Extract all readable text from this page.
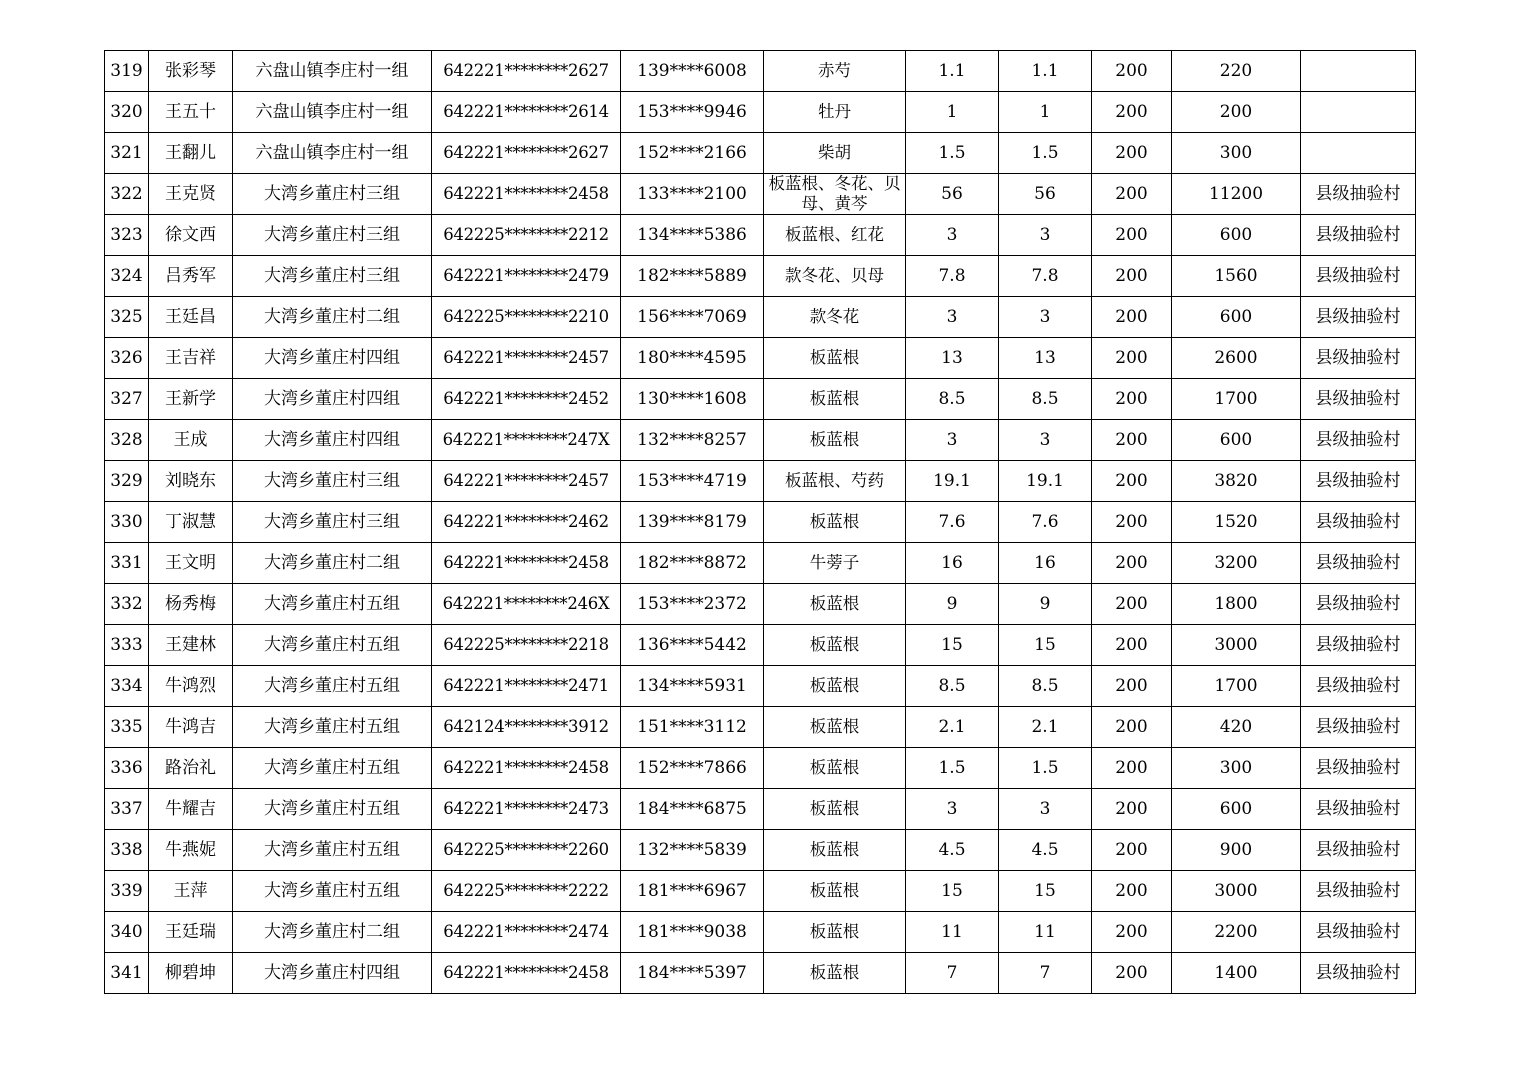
319	张彩琴	六盘山镇李庄村一组	642221********2627	139****6008	赤芍	1.1	1.1	200	220	
320	王五十	六盘山镇李庄村一组	642221********2614	153****9946	牡丹	1	1	200	200	
321	王翻儿	六盘山镇李庄村一组	642221********2627	152****2166	柴胡	1.5	1.5	200	300	
322	王克贤	大湾乡董庄村三组	642221********2458	133****2100	板蓝根、冬花、贝母、黄芩	56	56	200	11200	县级抽验村
323	徐文西	大湾乡董庄村三组	642225********2212	134****5386	板蓝根、红花	3	3	200	600	县级抽验村
324	吕秀军	大湾乡董庄村三组	642221********2479	182****5889	款冬花、贝母	7.8	7.8	200	1560	县级抽验村
325	王廷昌	大湾乡董庄村二组	642225********2210	156****7069	款冬花	3	3	200	600	县级抽验村
326	王吉祥	大湾乡董庄村四组	642221********2457	180****4595	板蓝根	13	13	200	2600	县级抽验村
327	王新学	大湾乡董庄村四组	642221********2452	130****1608	板蓝根	8.5	8.5	200	1700	县级抽验村
328	王成	大湾乡董庄村四组	642221********247X	132****8257	板蓝根	3	3	200	600	县级抽验村
329	刘晓东	大湾乡董庄村三组	642221********2457	153****4719	板蓝根、芍药	19.1	19.1	200	3820	县级抽验村
330	丁淑慧	大湾乡董庄村三组	642221********2462	139****8179	板蓝根	7.6	7.6	200	1520	县级抽验村
331	王文明	大湾乡董庄村二组	642221********2458	182****8872	牛蒡子	16	16	200	3200	县级抽验村
332	杨秀梅	大湾乡董庄村五组	642221********246X	153****2372	板蓝根	9	9	200	1800	县级抽验村
333	王建林	大湾乡董庄村五组	642225********2218	136****5442	板蓝根	15	15	200	3000	县级抽验村
334	牛鸿烈	大湾乡董庄村五组	642221********2471	134****5931	板蓝根	8.5	8.5	200	1700	县级抽验村
335	牛鸿吉	大湾乡董庄村五组	642124********3912	151****3112	板蓝根	2.1	2.1	200	420	县级抽验村
336	路治礼	大湾乡董庄村五组	642221********2458	152****7866	板蓝根	1.5	1.5	200	300	县级抽验村
337	牛耀吉	大湾乡董庄村五组	642221********2473	184****6875	板蓝根	3	3	200	600	县级抽验村
338	牛燕妮	大湾乡董庄村五组	642225********2260	132****5839	板蓝根	4.5	4.5	200	900	县级抽验村
339	王萍	大湾乡董庄村五组	642225********2222	181****6967	板蓝根	15	15	200	3000	县级抽验村
340	王廷瑞	大湾乡董庄村二组	642221********2474	181****9038	板蓝根	11	11	200	2200	县级抽验村
341	柳碧坤	大湾乡董庄村四组	642221********2458	184****5397	板蓝根	7	7	200	1400	县级抽验村
